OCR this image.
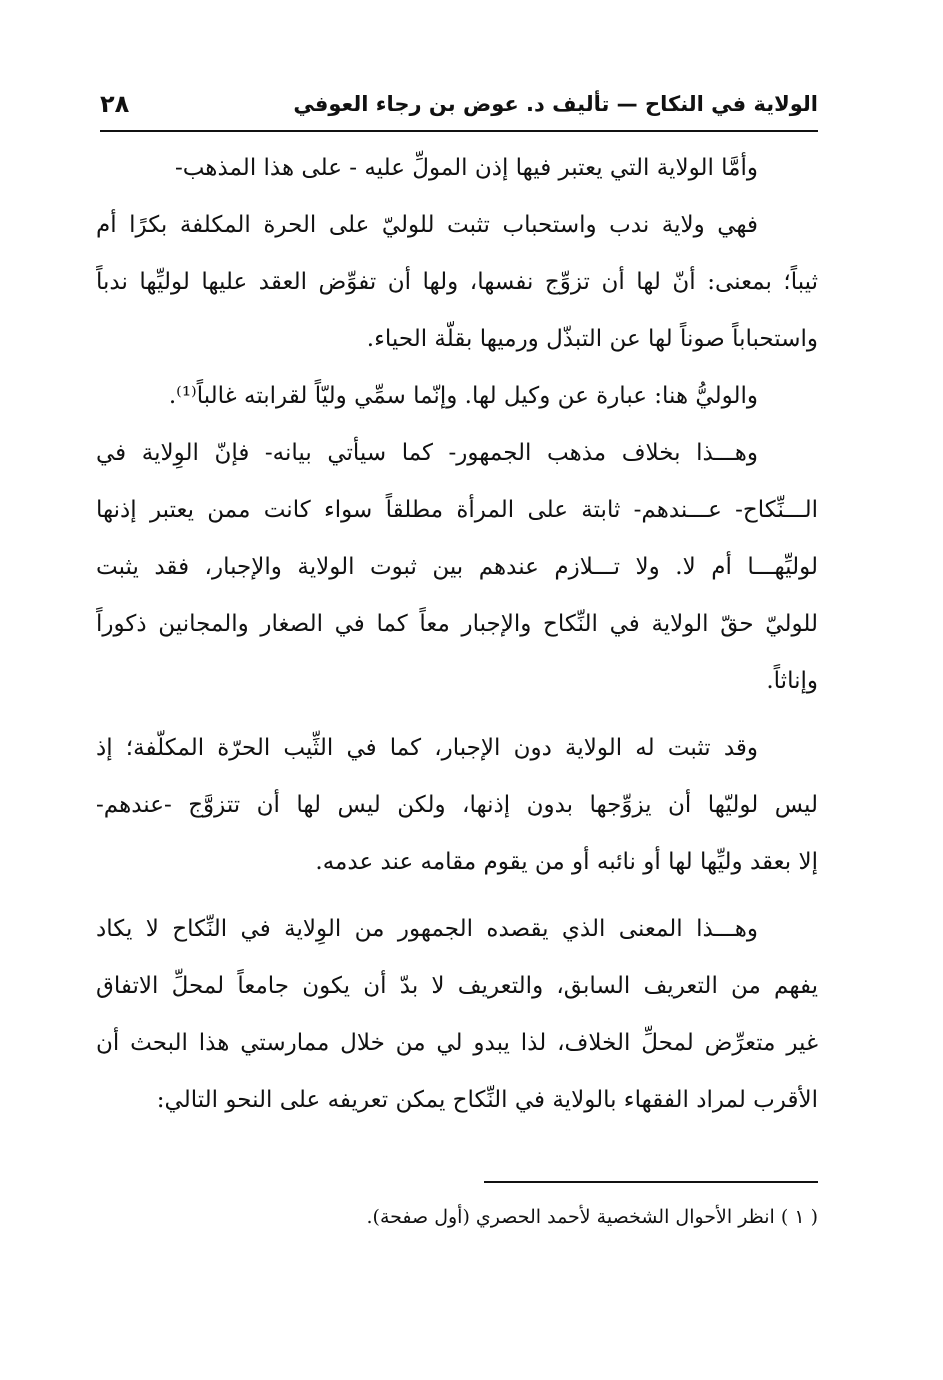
الولاية في النكاح — تأليف د. عوض بن رجاء العوفي
٢٨
وأمَّا الولاية التي يعتبر فيها إذن المولِّ عليه - على هذا المذهب-
فهي ولاية ندب واستحباب تثبت للوليّ على الحرة المكلفة بكرًا أم
ثيباً؛ بمعنى: أنّ لها أن تزوِّج نفسها، ولها أن تفوِّض العقد عليها لوليِّها ندباً
واستحباباً صوناً لها عن التبذّل ورميها بقلّة الحياء.
والوليُّ هنا: عبارة عن وكيل لها. وإنّما سمِّي وليّاً لقرابته غالباً⁽¹⁾.
وهـــذا بخلاف مذهب الجمهور- كما سيأتي بيانه- فإنّ الوِلاية في
الـــنِّكاح- عـــندهم- ثابتة على المرأة مطلقاً سواء كانت ممن يعتبر إذنها
لوليِّهـــا أم لا. ولا تـــلازم عندهم بين ثبوت الولاية والإجبار، فقد يثبت
للوليّ حقّ الولاية في النِّكاح والإجبار معاً كما في الصغار والمجانين ذكوراً
وإناثاً.
وقد تثبت له الولاية دون الإجبار، كما في الثِّيب الحرّة المكلّفة؛ إذ
ليس لوليّها أن يزوِّجها بدون إذنها، ولكن ليس لها أن تتزوَّج -عندهم-
إلا بعقد وليِّها لها أو نائبه أو من يقوم مقامه عند عدمه.
وهـــذا المعنى الذي يقصده الجمهور من الوِلاية في النِّكاح لا يكاد
يفهم من التعريف السابق، والتعريف لا بدّ أن يكون جامعاً لمحلِّ الاتفاق
غير متعرِّض لمحلِّ الخلاف، لذا يبدو لي من خلال ممارستي هذا البحث أن
الأقرب لمراد الفقهاء بالولاية في النِّكاح يمكن تعريفه على النحو التالي:
( ١ ) انظر الأحوال الشخصية لأحمد الحصري (أول صفحة).
